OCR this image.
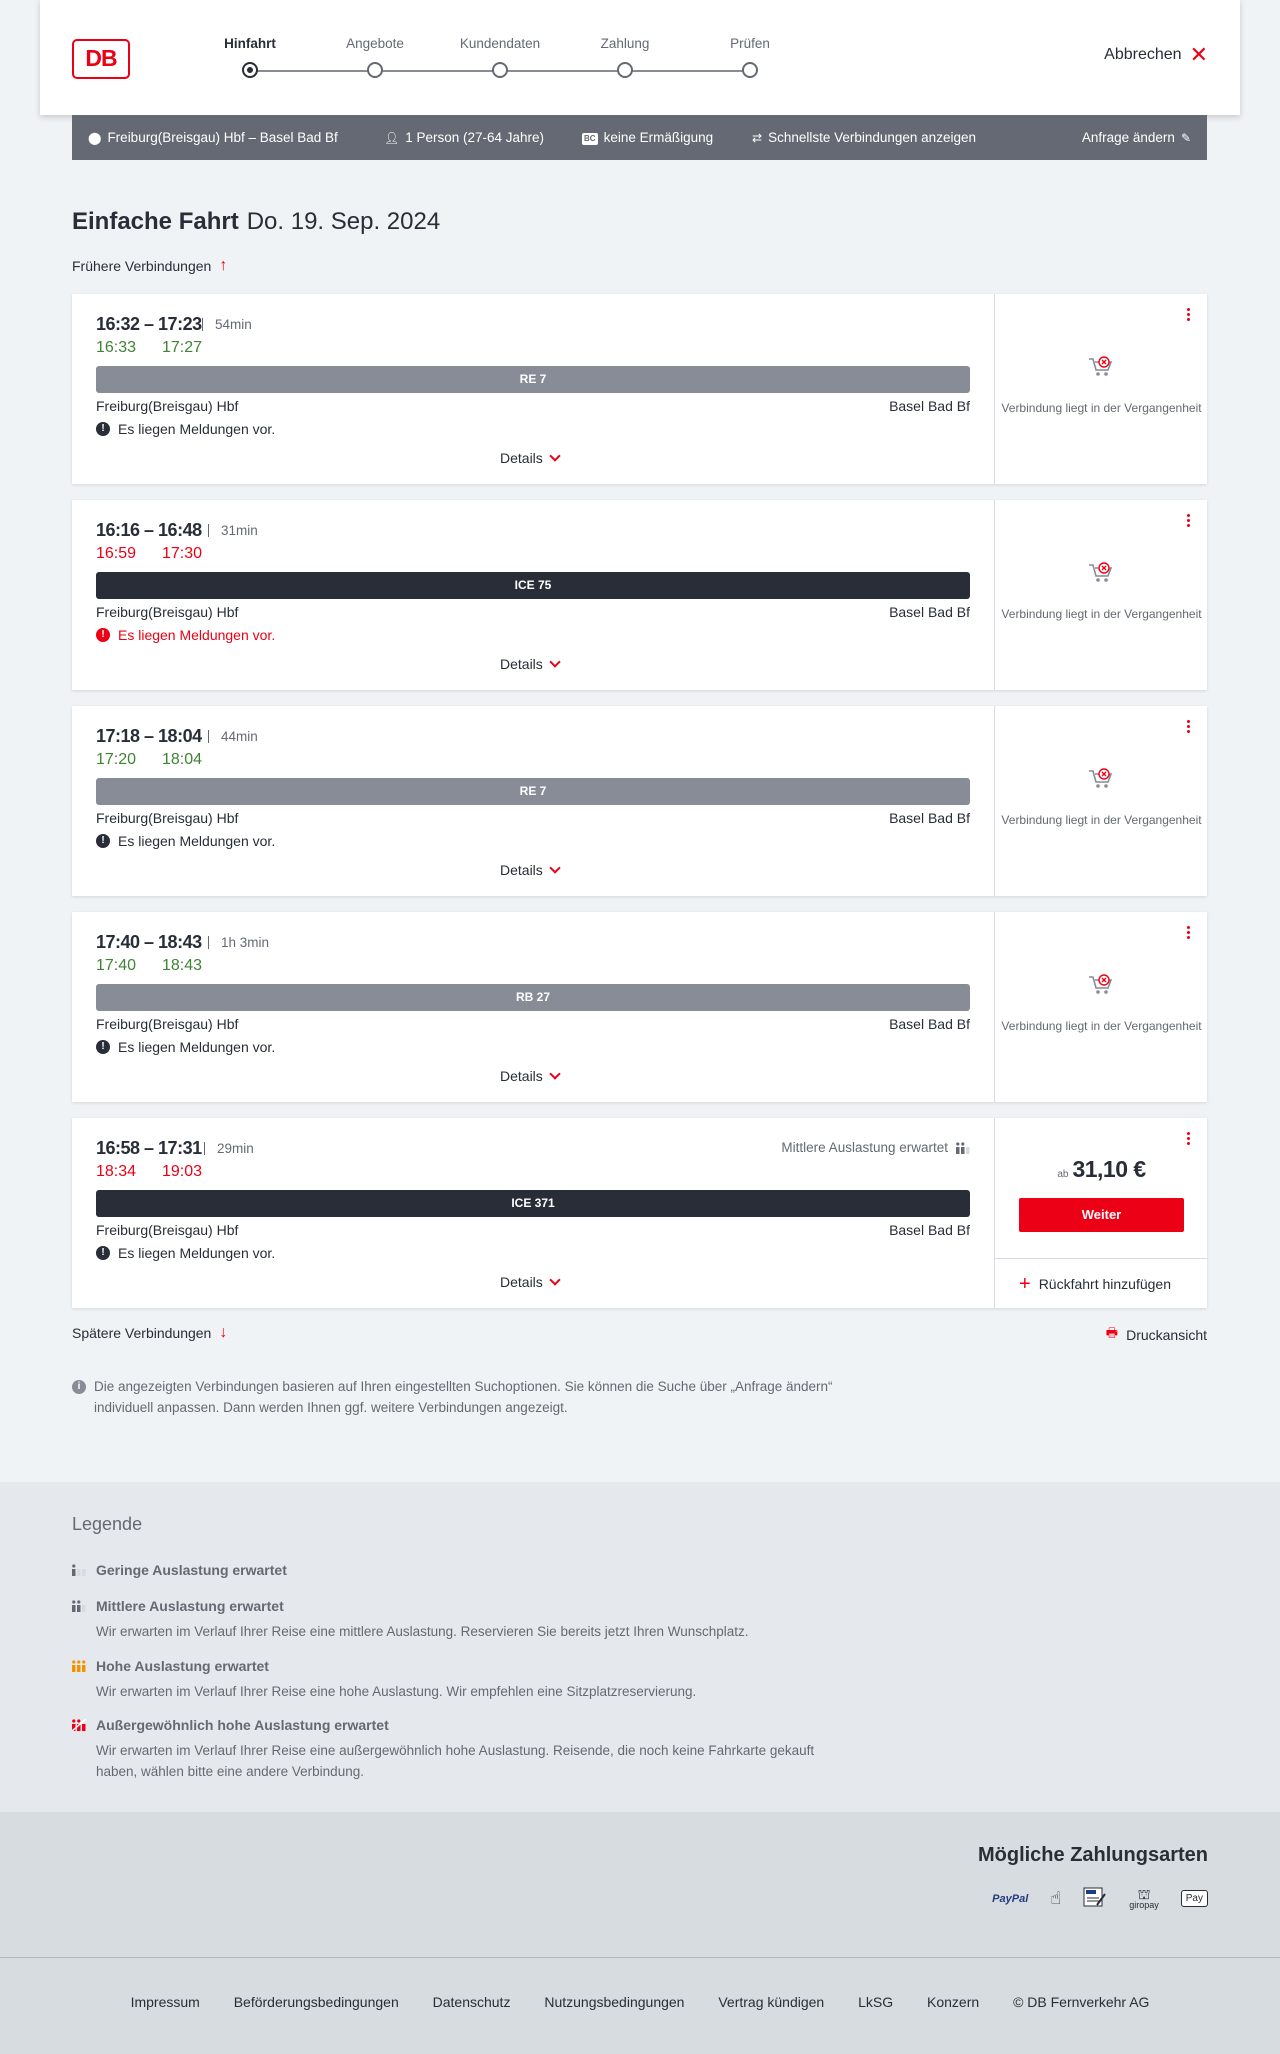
DB
Hinfahrt	Angebote	Kundendaten	Zahlung	Prüfen
Abbrechen ✕
⬤ Freiburg(Breisgau) Hbf – Basel Bad Bf	👤︎ 1 Person (27-64 Jahre)	BC keine Ermäßigung	⇄ Schnellste Verbindungen anzeigen	Anfrage ändern ✎
Einfache Fahrt Do. 19. Sep. 2024
Frühere Verbindungen ↑
16:32 – 17:23 54min
16:33 17:27
RE 7
Freiburg(Breisgau) Hbf	Basel Bad Bf
! Es liegen Meldungen vor.
Details
Verbindung liegt in der Vergangenheit
16:16 – 16:48	31min
16:59 17:30
ICE 75
Freiburg(Breisgau) Hbf	Basel Bad Bf
! Es liegen Meldungen vor.
Details
Verbindung liegt in der Vergangenheit
17:18 – 18:04	44min
17:20 18:04
RE 7
Freiburg(Breisgau) Hbf	Basel Bad Bf
! Es liegen Meldungen vor.
Details
Verbindung liegt in der Vergangenheit
17:40 – 18:43	1h 3min
17:40 18:43
RB 27
Freiburg(Breisgau) Hbf	Basel Bad Bf
! Es liegen Meldungen vor.
Details
Verbindung liegt in der Vergangenheit
16:58 – 17:31	29min	Mittlere Auslastung erwartet
18:34 19:03
ICE 371
Freiburg(Breisgau) Hbf	Basel Bad Bf
! Es liegen Meldungen vor.
Details
ab 31,10 €
Weiter
+ Rückfahrt hinzufügen
Spätere Verbindungen ↓	🖶︎ Druckansicht
i	Die angezeigten Verbindungen basieren auf Ihren eingestellten Suchoptionen. Sie können die Suche über „Anfrage ändern“ individuell anpassen. Dann werden Ihnen ggf. weitere Verbindungen angezeigt.
Legende
Geringe Auslastung erwartet
Mittlere Auslastung erwartet
Wir erwarten im Verlauf Ihrer Reise eine mittlere Auslastung. Reservieren Sie bereits jetzt Ihren Wunschplatz.
Hohe Auslastung erwartet
Wir erwarten im Verlauf Ihrer Reise eine hohe Auslastung. Wir empfehlen eine Sitzplatzreservierung.
Außergewöhnlich hohe Auslastung erwartet
Wir erwarten im Verlauf Ihrer Reise eine außergewöhnlich hohe Auslastung. Reisende, die noch keine Fahrkarte gekauft haben, wählen bitte eine andere Verbindung.
Mögliche Zahlungsarten
PayPal ☝︎	⛫
giropay
Pay
Impressum Beförderungsbedingungen Datenschutz Nutzungsbedingungen Vertrag kündigen LkSG Konzern © DB Fernverkehr AG
